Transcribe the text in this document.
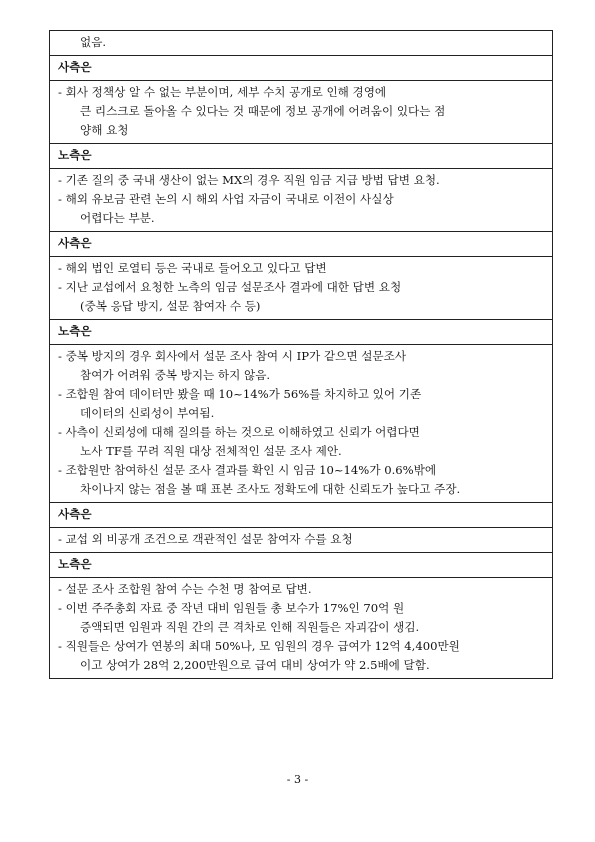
없음.

사측은

- 회사 정책상 알 수 없는 부분이며, 세부 수치 공개로 인해 경영에
큰 리스크로 돌아올 수 있다는 것 때문에 정보 공개에 어려움이 있다는 점
양해 요청

노측은

- 기존 질의 중 국내 생산이 없는 MX의 경우 직원 임금 지급 방법 답변 요청.
- 해외 유보금 관련 논의 시 해외 사업 자금이 국내로 이전이 사실상
어렵다는 부분.

사측은

- 해외 법인 로열티 등은 국내로 들어오고 있다고 답변
- 지난 교섭에서 요청한 노측의 임금 설문조사 결과에 대한 답변 요청
(중복 응답 방지, 설문 참여자 수 등)

노측은

- 중복 방지의 경우 회사에서 설문 조사 참여 시 IP가 같으면 설문조사
참여가 어려워 중복 방지는 하지 않음.
- 조합원 참여 데이터만 봤을 때 10~14%가 56%를 차지하고 있어 기존
데이터의 신뢰성이 부여됨.
- 사측이 신뢰성에 대해 질의를 하는 것으로 이해하였고 신뢰가 어렵다면
노사 TF를 꾸려 직원 대상 전체적인 설문 조사 제안.
- 조합원만 참여하신 설문 조사 결과를 확인 시 임금 10~14%가 0.6%밖에
차이나지 않는 점을 볼 때 표본 조사도 정확도에 대한 신뢰도가 높다고 주장.

사측은

- 교섭 외 비공개 조건으로 객관적인 설문 참여자 수를 요청

노측은

- 설문 조사 조합원 참여 수는 수천 명 참여로 답변.
- 이번 주주총회 자료 중 작년 대비 임원들 총 보수가 17%인 70억 원
증액되면 임원과 직원 간의 큰 격차로 인해 직원들은 자괴감이 생김.
- 직원들은 상여가 연봉의 최대 50%나, 모 임원의 경우 급여가 12억 4,400만원
이고 상여가 28억 2,200만원으로 급여 대비 상여가 약 2.5배에 달함.
- 3 -
